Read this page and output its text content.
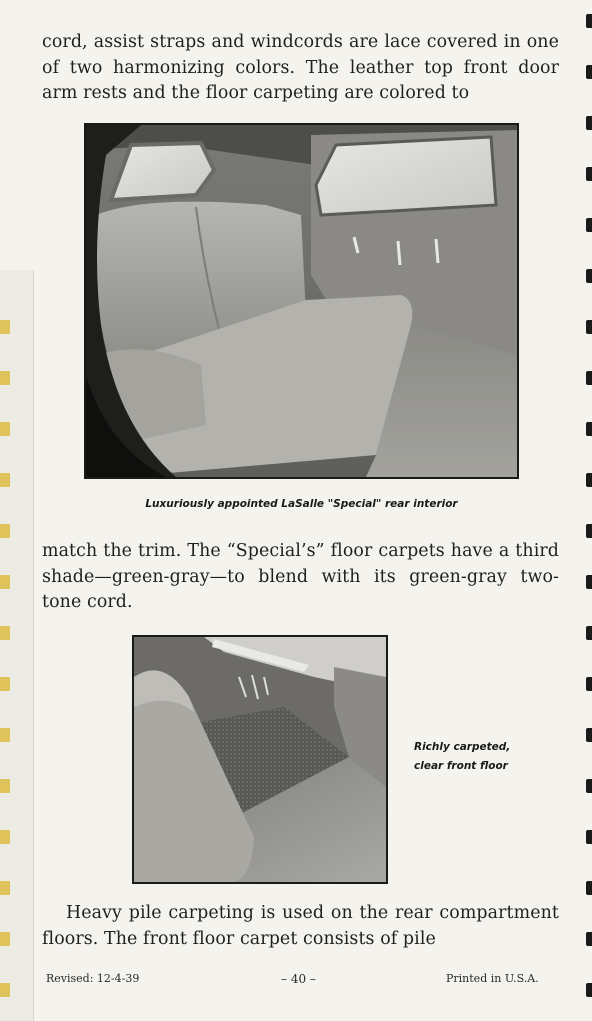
cord, assist straps and windcords are lace covered in one of two harmonizing colors. The leather top front door arm rests and the floor carpeting are colored to

Luxuriously appointed LaSalle "Special" rear interior

match the trim. The “Special’s” floor carpets have a third shade—green-gray—to blend with its green-gray two-tone cord.

Richly carpeted,
clear front floor

Heavy pile carpeting is used on the rear compartment floors. The front floor carpet consists of pile

Revised: 12-4-39	– 40 –	Printed in U.S.A.
